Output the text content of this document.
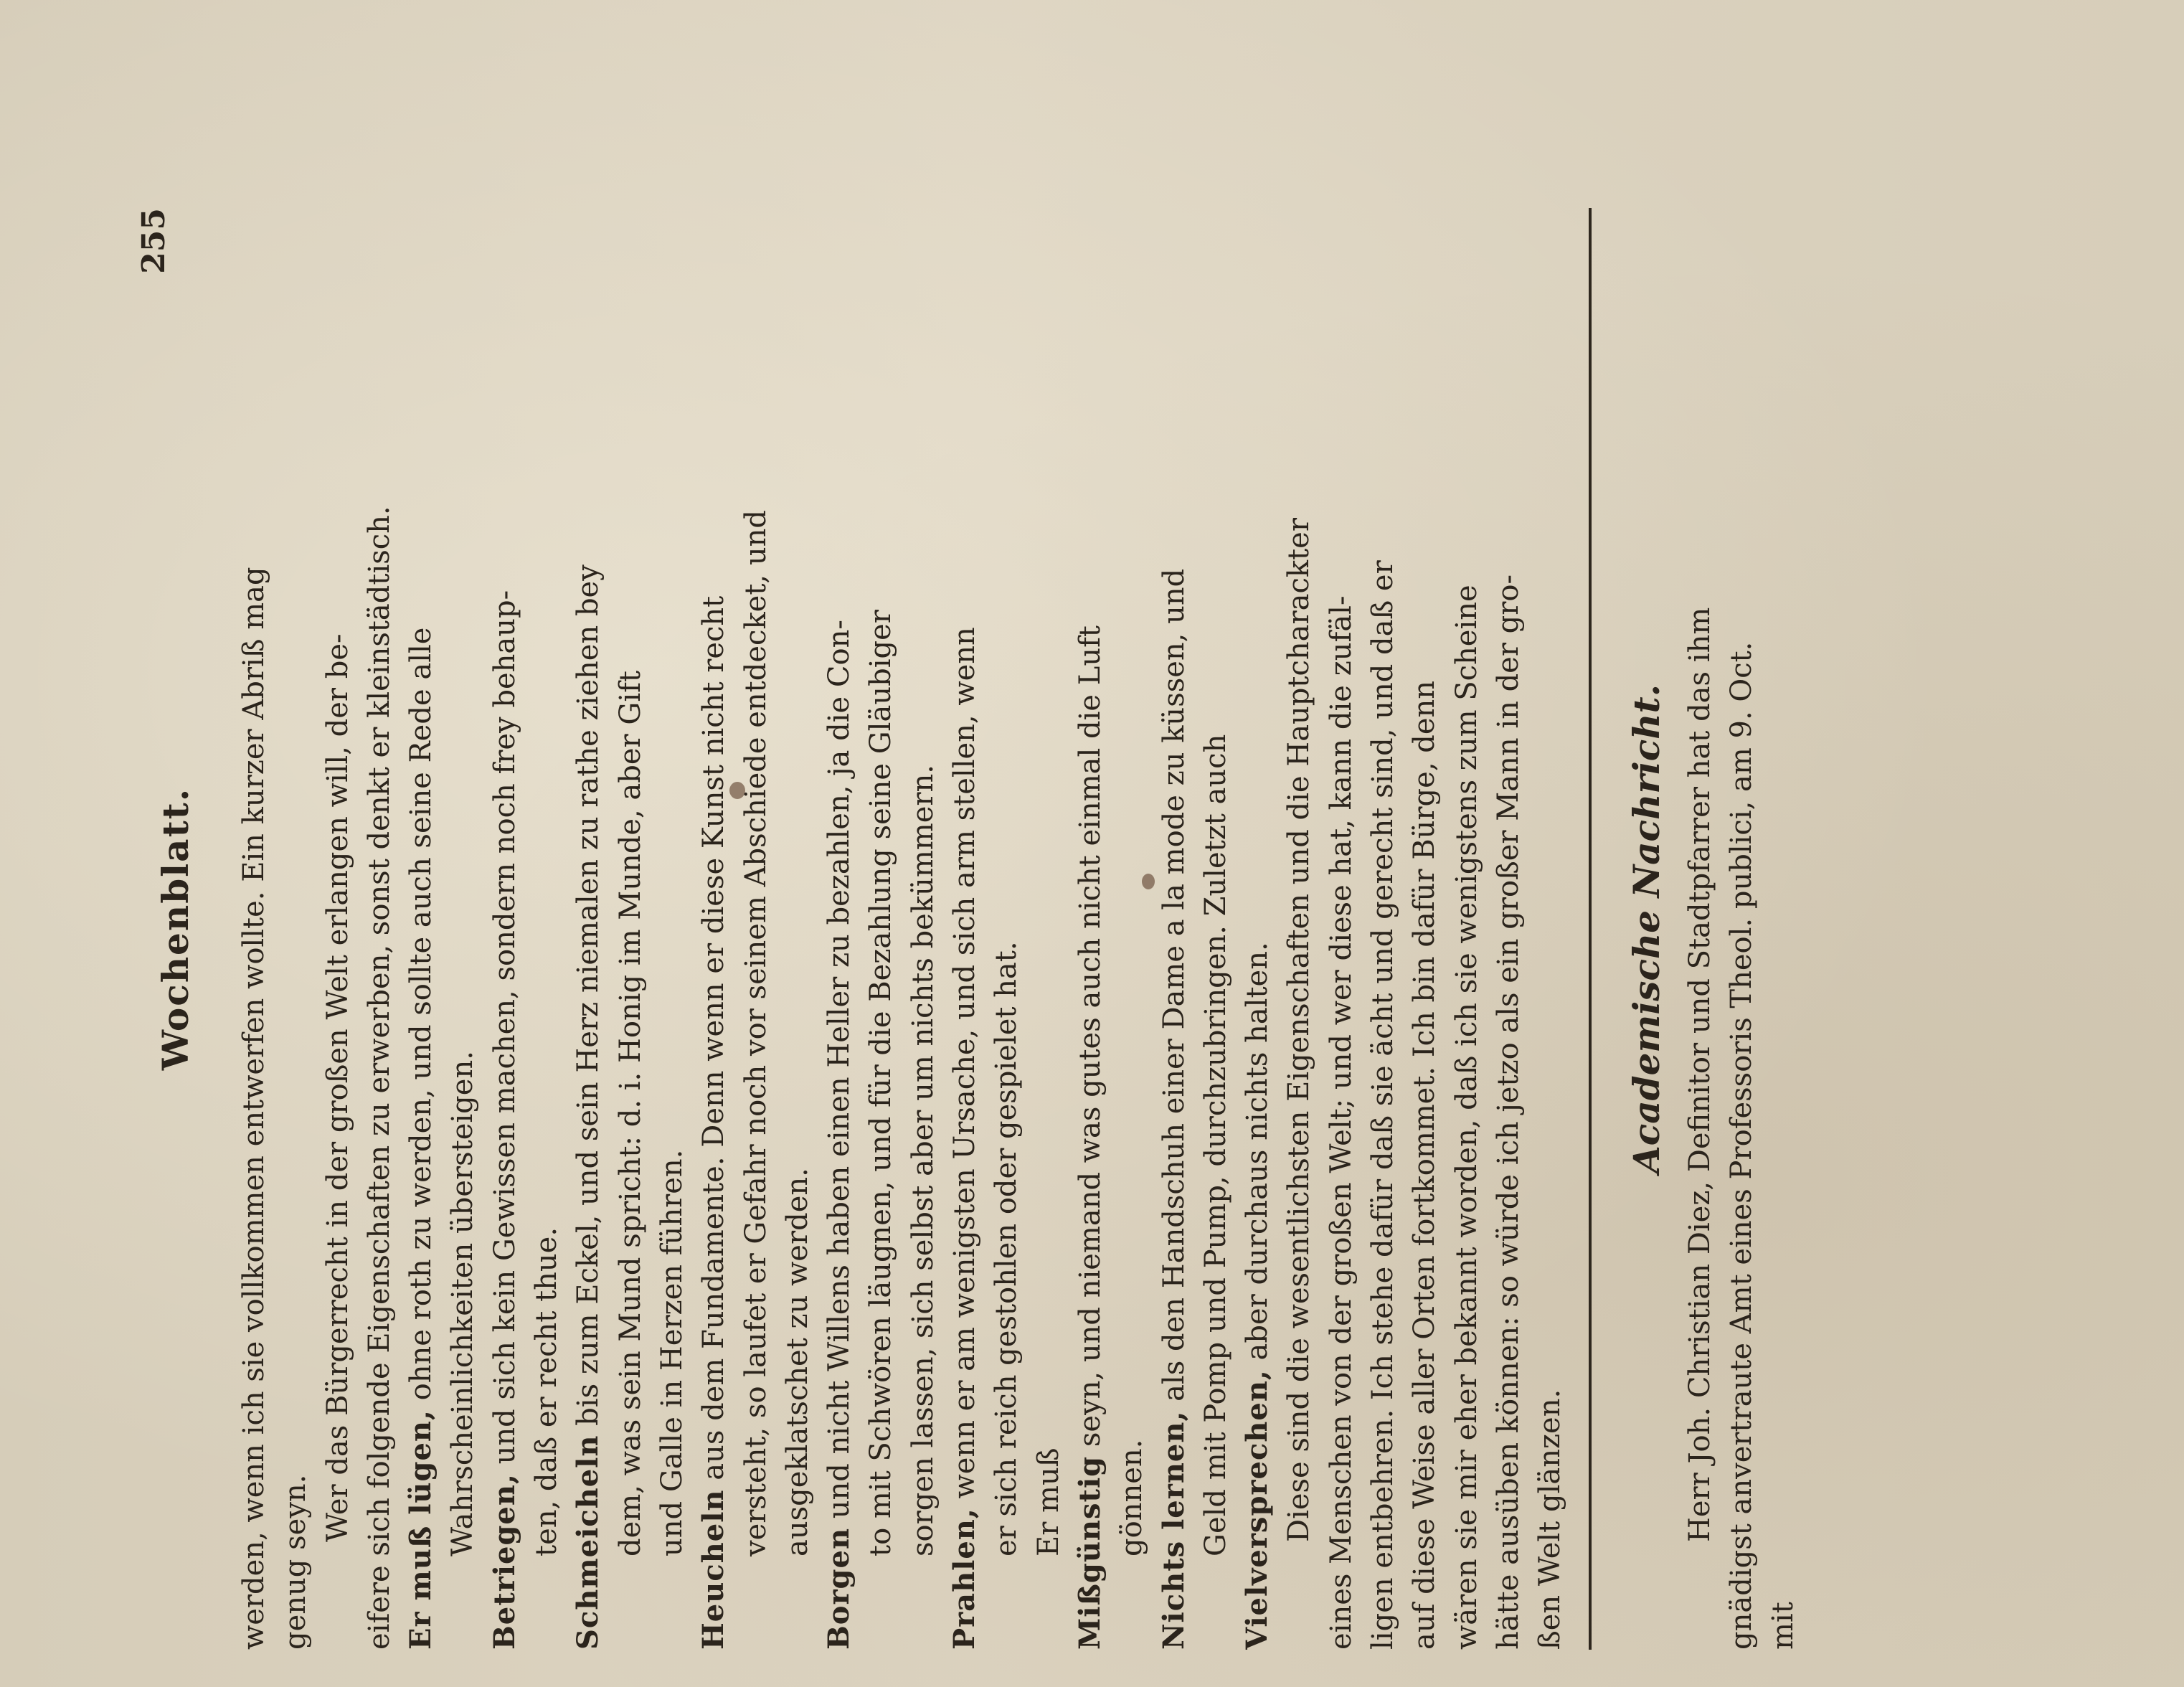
Wochenblatt.
255
werden, wenn ich sie vollkommen entwerfen wollte. Ein kurzer Abriß mag genug seyn.
Wer das Bürgerrecht in der großen Welt erlangen will, der be- eifere sich folgende Eigenschaften zu erwerben, sonst denkt er kleinstädtisch. Er muß lügen, ohne roth zu werden, und sollte auch seine Rede alle Wahrscheinlichkeiten übersteigen.
Betriegen, und sich kein Gewissen machen, sondern noch frey behaup- ten, daß er recht thue. Schmeicheln bis zum Eckel, und sein Herz niemalen zu rathe ziehen bey dem, was sein Mund spricht: d. i. Honig im Munde, aber Gift und Galle in Herzen führen.
Heucheln aus dem Fundamente. Denn wenn er diese Kunst nicht recht versteht, so laufet er Gefahr noch vor seinem Abschiede entdecket, und ausgeklatschet zu werden.
Borgen und nicht Willens haben einen Heller zu bezahlen, ja die Con- to mit Schwören läugnen, und für die Bezahlung seine Gläubiger sorgen lassen, sich selbst aber um nichts bekümmern.
Prahlen, wenn er am wenigsten Ursache, und sich arm stellen, wenn er sich reich gestohlen oder gespielet hat. Er muß Mißgünstig seyn, und niemand was gutes auch nicht einmal die Luft
gönnen. Nichts lernen, als den Handschuh einer Dame a la mode zu küssen, und Geld mit Pomp und Pump, durchzubringen. Zuletzt auch Vielversprechen, aber durchaus nichts halten. Diese sind die wesentlichsten Eigenschaften und die Hauptcharackter eines Menschen von der großen Welt; und wer diese hat, kann die zufäl- ligen entbehren. Ich stehe dafür daß sie ächt und gerecht sind, und daß er auf diese Weise aller Orten fortkommet. Ich bin dafür Bürge, denn wären sie mir eher bekannt worden, daß ich sie wenigstens zum Scheine hätte ausüben können: so würde ich jetzo als ein großer Mann in der gro- ßen Welt glänzen.
Academische Nachricht. Herr Joh. Christian Diez, Definitor und Stadtpfarrer hat das ihm gnädigst anvertraute Amt eines Professoris Theol. publici, am 9. Oct. mit
